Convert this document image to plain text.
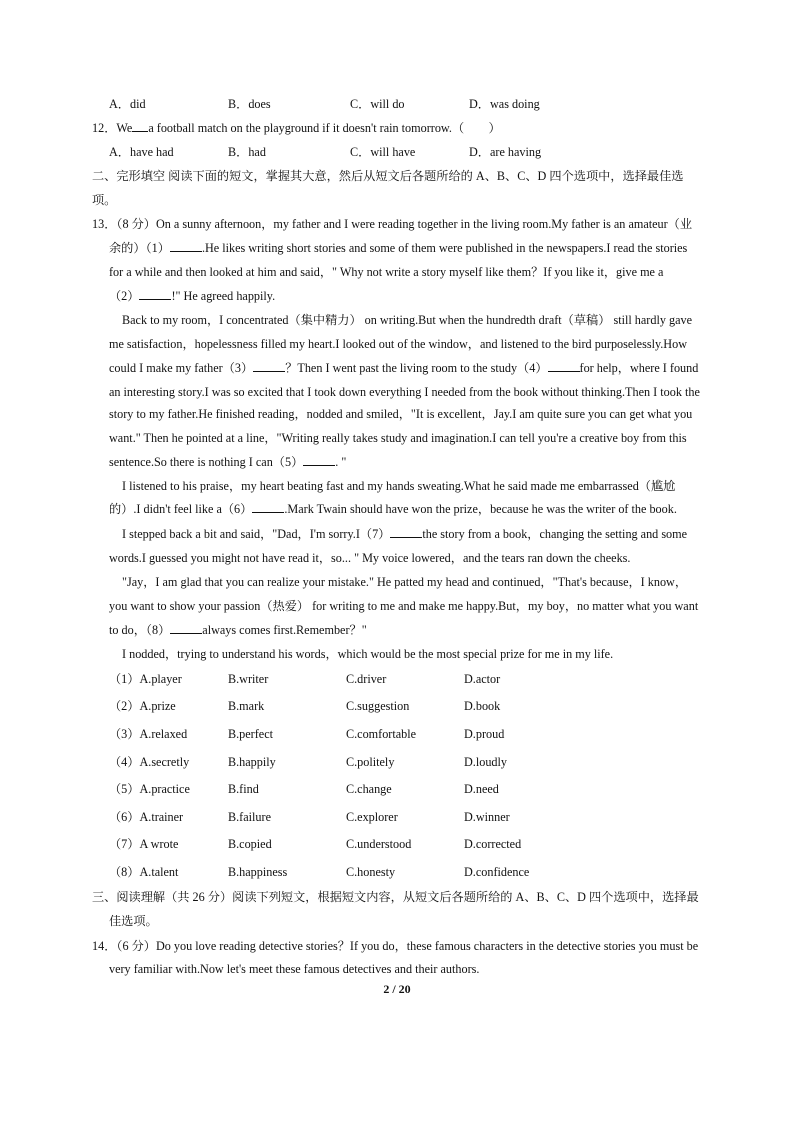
A．did	B．does	C．will do	D．was doing
12．We a football match on the playground if it doesn't rain tomorrow.（　　）
A．have had	B．had	C．will have	D．are having
二、完形填空 阅读下面的短文，掌握其大意，然后从短文后各题所给的 A、B、C、D 四个选项中，选择最佳选
项。
13．（8 分）On a sunny afternoon，my father and I were reading together in the living room.My father is an amateur（业
余的）（1）	.He likes writing short stories and some of them were published in the newspapers.I read the stories
for a while and then looked at him and said，" Why not write a story myself like them？If you like it，give me a
（2）	!" He agreed happily.
Back to my room，I concentrated（集中精力） on writing.But when the hundredth draft（草稿） still hardly gave
me satisfaction，hopelessness filled my heart.I looked out of the window，and listened to the bird purposelessly.How
could I make my father（3）	？Then I went past the living room to the study（4）	for help，where I found
an interesting story.I was so excited that I took down everything I needed from the book without thinking.Then I took the
story to my father.He finished reading，nodded and smiled，"It is excellent，Jay.I am quite sure you can get what you
want." Then he pointed at a line，"Writing really takes study and imagination.I can tell you're a creative boy from this
sentence.So there is nothing I can（5）	. "
I listened to his praise，my heart beating fast and my hands sweating.What he said made me embarrassed（尴尬
的）.I didn't feel like a（6）	.Mark Twain should have won the prize，because he was the writer of the book.
I stepped back a bit and said，"Dad，I'm sorry.I（7）	the story from a book，changing the setting and some
words.I guessed you might not have read it，so... " My voice lowered，and the tears ran down the cheeks.
"Jay，I am glad that you can realize your mistake." He patted my head and continued，"That's because，I know，
you want to show your passion（热爱） for writing to me and make me happy.But，my boy，no matter what you want
to do，（8）	always comes first.Remember？"
I nodded，trying to understand his words，which would be the most special prize for me in my life.
（1）A.player	B.writer	C.driver	D.actor
（2）A.prize	B.mark	C.suggestion	D.book
（3）A.relaxed	B.perfect	C.comfortable	D.proud
（4）A.secretly	B.happily	C.politely	D.loudly
（5）A.practice	B.find	C.change	D.need
（6）A.trainer	B.failure	C.explorer	D.winner
（7）A wrote	B.copied	C.understood	D.corrected
（8）A.talent	B.happiness	C.honesty	D.confidence
三、阅读理解（共 26 分）阅读下列短文，根据短文内容，从短文后各题所给的 A、B、C、D 四个选项中，选择最
佳选项。
14．（6 分）Do you love reading detective stories？If you do，these famous characters in the detective stories you must be
very familiar with.Now let's meet these famous detectives and their authors.
2 / 20
